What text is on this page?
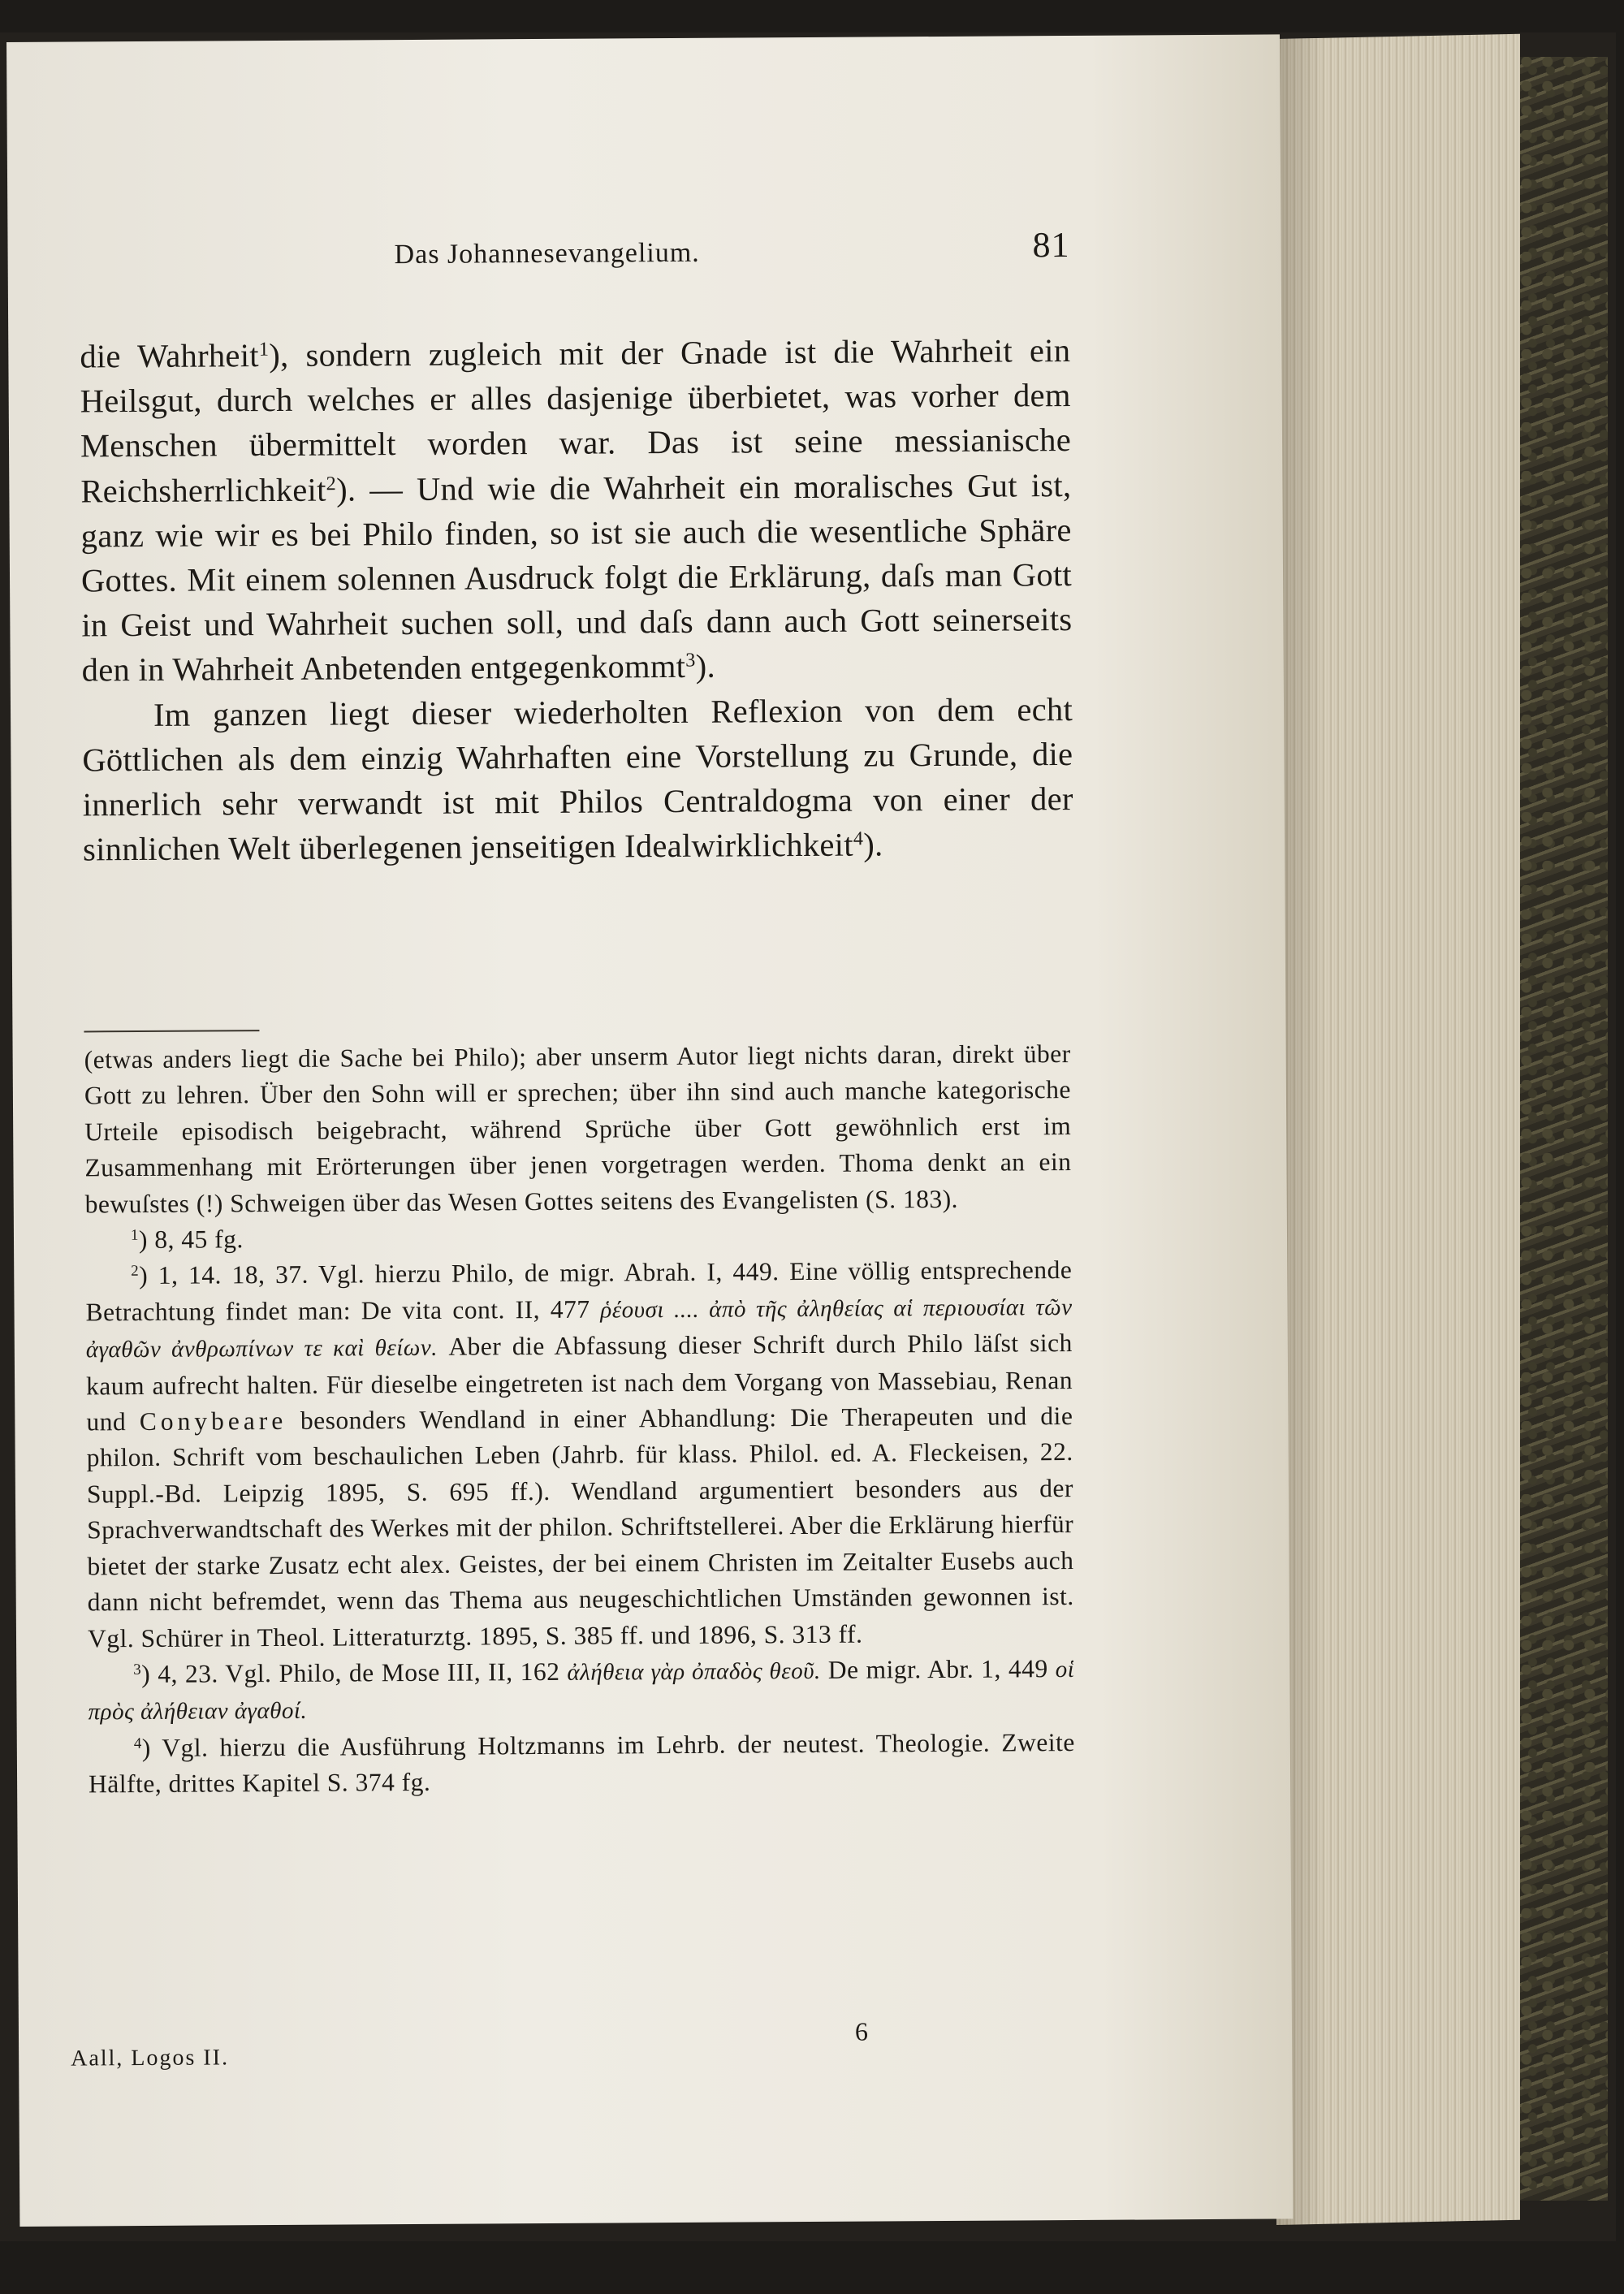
Das Johannesevangelium.	81

die Wahrheit$^1$), sondern zugleich mit der Gnade ist die Wahrheit ein Heilsgut, durch welches er alles dasjenige überbietet, was vorher dem Menschen übermittelt worden war. Das ist seine messianische Reichsherrlichkeit$^2$). — Und wie die Wahrheit ein moralisches Gut ist, ganz wie wir es bei Philo finden, so ist sie auch die wesentliche Sphäre Gottes. Mit einem solennen Ausdruck folgt die Erklärung, daſs man Gott in Geist und Wahrheit suchen soll, und daſs dann auch Gott seinerseits den in Wahrheit Anbetenden entgegenkommt$^3$).

Im ganzen liegt dieser wiederholten Reflexion von dem echt Göttlichen als dem einzig Wahrhaften eine Vorstellung zu Grunde, die innerlich sehr verwandt ist mit Philos Centraldogma von einer der sinnlichen Welt überlegenen jenseitigen Idealwirklichkeit$^4$).

(etwas anders liegt die Sache bei Philo); aber unserm Autor liegt nichts daran, direkt über Gott zu lehren. Über den Sohn will er sprechen; über ihn sind auch manche kategorische Urteile episodisch beigebracht, während Sprüche über Gott gewöhnlich erst im Zusammenhang mit Erörterungen über jenen vorgetragen werden. Thoma denkt an ein bewuſstes (!) Schweigen über das Wesen Gottes seitens des Evangelisten (S. 183).

$^1$) 8, 45 fg.

$^2$) 1, 14. 18, 37. Vgl. hierzu Philo, de migr. Abrah. I, 449. Eine völlig entsprechende Betrachtung findet man: De vita cont. II, 477 ῥέουσι .... ἀπὸ τῆς ἀληθείας αἱ περιουσίαι τῶν ἀγαθῶν ἀνθρωπίνων τε καὶ θείων. Aber die Abfassung dieser Schrift durch Philo läſst sich kaum aufrecht halten. Für dieselbe eingetreten ist nach dem Vorgang von Massebiau, Renan und Conybeare besonders Wendland in einer Abhandlung: Die Therapeuten und die philon. Schrift vom beschaulichen Leben (Jahrb. für klass. Philol. ed. A. Fleckeisen, 22. Suppl.-Bd. Leipzig 1895, S. 695 ff.). Wendland argumentiert besonders aus der Sprachverwandtschaft des Werkes mit der philon. Schriftstellerei. Aber die Erklärung hierfür bietet der starke Zusatz echt alex. Geistes, der bei einem Christen im Zeitalter Eusebs auch dann nicht befremdet, wenn das Thema aus neugeschichtlichen Umständen gewonnen ist. Vgl. Schürer in Theol. Litteraturztg. 1895, S. 385 ff. und 1896, S. 313 ff.

$^3$) 4, 23. Vgl. Philo, de Mose III, II, 162 ἀλήθεια γὰρ ὀπαδὸς θεοῦ. De migr. Abr. 1, 449 οἱ πρὸς ἀλήθειαν ἀγαθοί.

$^4$) Vgl. hierzu die Ausführung Holtzmanns im Lehrb. der neutest. Theologie. Zweite Hälfte, drittes Kapitel S. 374 fg.

Aall, Logos II.
6
